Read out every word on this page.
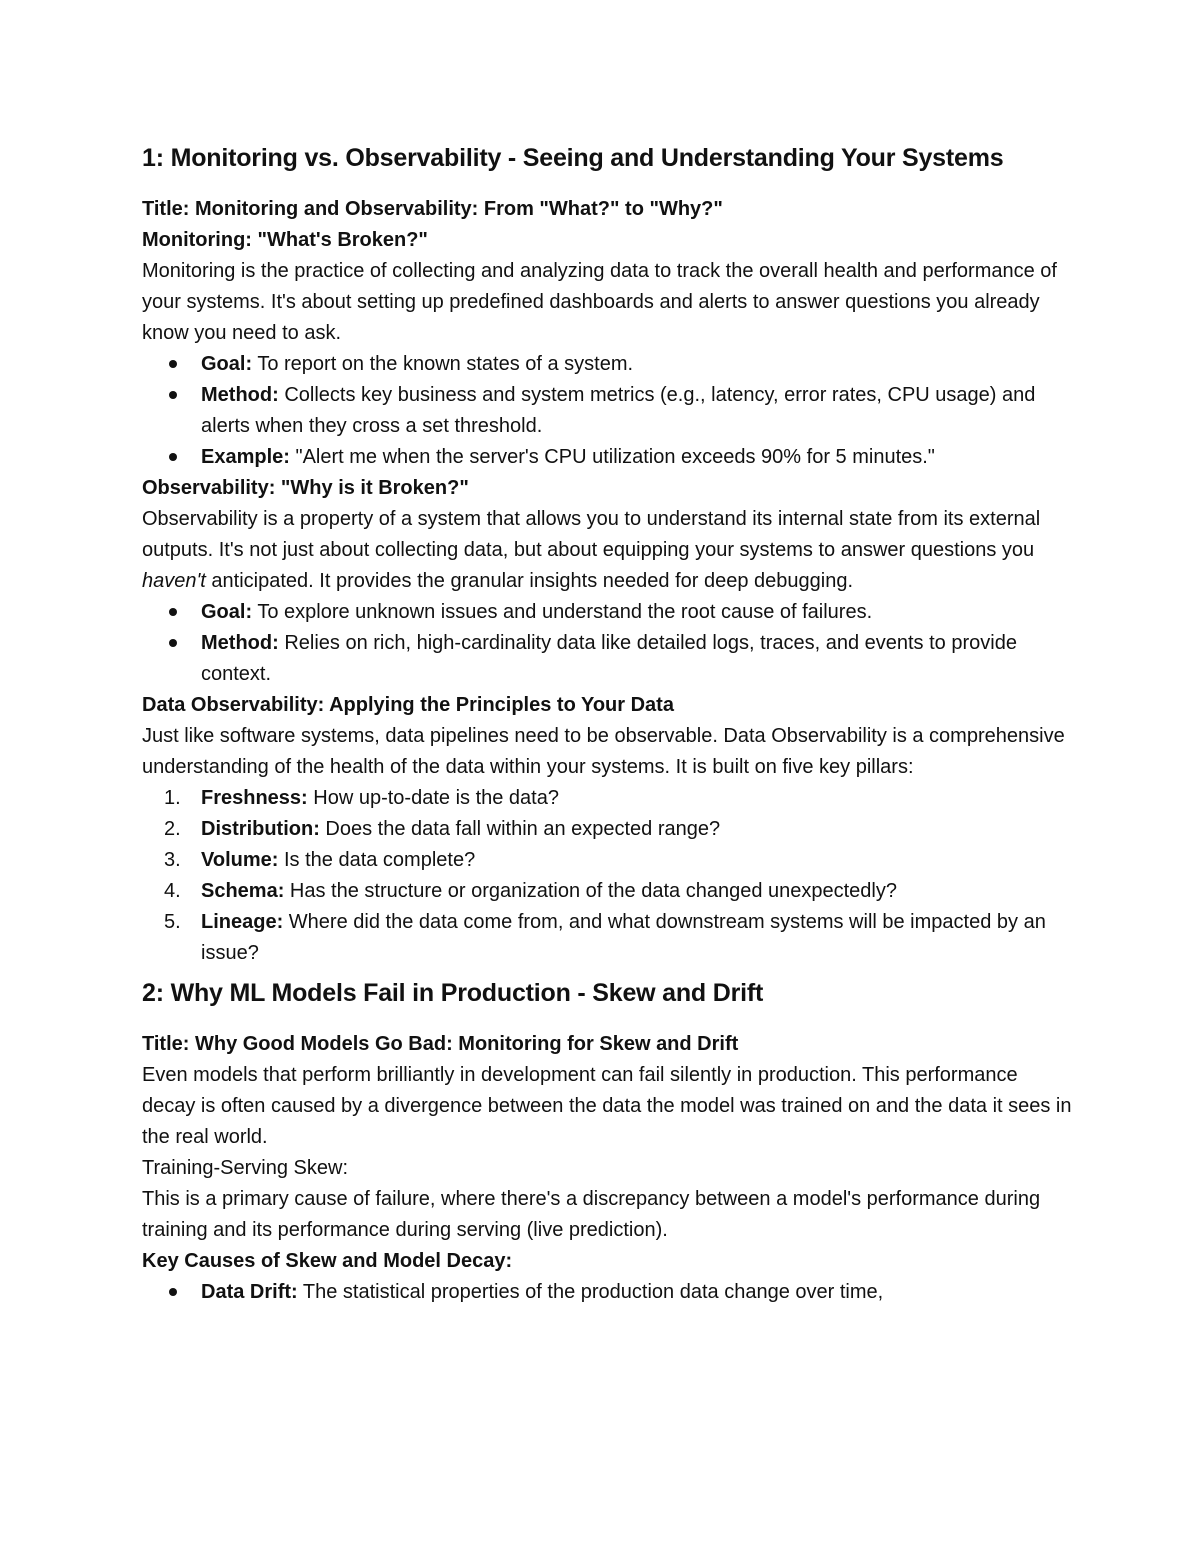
1: Monitoring vs. Observability - Seeing and Understanding Your Systems

Title: Monitoring and Observability: From "What?" to "Why?"

Monitoring: "What's Broken?"

Monitoring is the practice of collecting and analyzing data to track the overall health and performance of your systems. It's about setting up predefined dashboards and alerts to answer questions you already know you need to ask.

Goal: To report on the known states of a system.
Method: Collects key business and system metrics (e.g., latency, error rates, CPU usage) and alerts when they cross a set threshold.
Example: "Alert me when the server's CPU utilization exceeds 90% for 5 minutes."

Observability: "Why is it Broken?"

Observability is a property of a system that allows you to understand its internal state from its external outputs. It's not just about collecting data, but about equipping your systems to answer questions you haven't anticipated. It provides the granular insights needed for deep debugging.

Goal: To explore unknown issues and understand the root cause of failures.
Method: Relies on rich, high-cardinality data like detailed logs, traces, and events to provide context.

Data Observability: Applying the Principles to Your Data

Just like software systems, data pipelines need to be observable. Data Observability is a comprehensive understanding of the health of the data within your systems. It is built on five key pillars:

1.	Freshness: How up-to-date is the data?
2.	Distribution: Does the data fall within an expected range?
3.	Volume: Is the data complete?
4.	Schema: Has the structure or organization of the data changed unexpectedly?
5.	Lineage: Where did the data come from, and what downstream systems will be impacted by an issue?
2: Why ML Models Fail in Production - Skew and Drift

Title: Why Good Models Go Bad: Monitoring for Skew and Drift

Even models that perform brilliantly in development can fail silently in production. This performance decay is often caused by a divergence between the data the model was trained on and the data it sees in the real world.

Training-Serving Skew:

This is a primary cause of failure, where there's a discrepancy between a model's performance during training and its performance during serving (live prediction).

Key Causes of Skew and Model Decay:

Data Drift: The statistical properties of the production data change over time,
